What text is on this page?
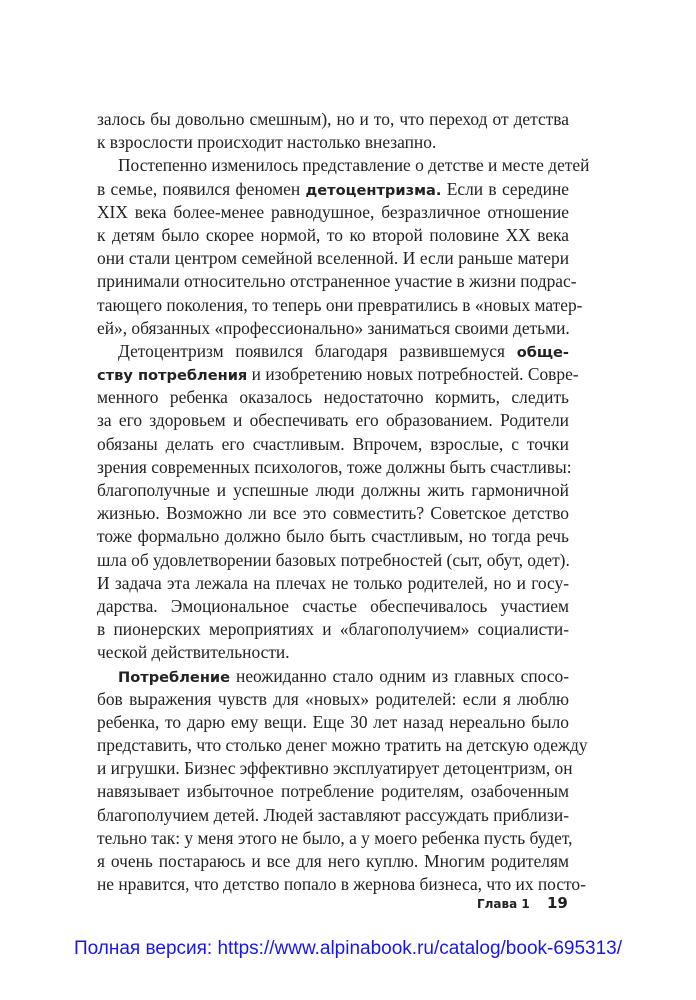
залось бы довольно смешным), но и то, что переход от детства
к взрослости происходит настолько внезапно.
Постепенно изменилось представление о детстве и месте детей
в семье, появился феномен детоцентризма. Если в середине
XIX века более-менее равнодушное, безразличное отношение
к детям было скорее нормой, то ко второй половине XX века
они стали центром семейной вселенной. И если раньше матери
принимали относительно отстраненное участие в жизни подрас-
тающего поколения, то теперь они превратились в «новых матер-
ей», обязанных «профессионально» заниматься своими детьми.
Детоцентризм появился благодаря развившемуся обще-
ству потребления и изобретению новых потребностей. Совре-
менного ребенка оказалось недостаточно кормить, следить
за его здоровьем и обеспечивать его образованием. Родители
обязаны делать его счастливым. Впрочем, взрослые, с точки
зрения современных психологов, тоже должны быть счастливы:
благополучные и успешные люди должны жить гармоничной
жизнью. Возможно ли все это совместить? Советское детство
тоже формально должно было быть счастливым, но тогда речь
шла об удовлетворении базовых потребностей (сыт, обут, одет).
И задача эта лежала на плечах не только родителей, но и госу-
дарства. Эмоциональное счастье обеспечивалось участием
в пионерских мероприятиях и «благополучием» социалисти-
ческой действительности.
Потребление неожиданно стало одним из главных спосо-
бов выражения чувств для «новых» родителей: если я люблю
ребенка, то дарю ему вещи. Еще 30 лет назад нереально было
представить, что столько денег можно тратить на детскую одежду
и игрушки. Бизнес эффективно эксплуатирует детоцентризм, он
навязывает избыточное потребление родителям, озабоченным
благополучием детей. Людей заставляют рассуждать приблизи-
тельно так: у меня этого не было, а у моего ребенка пусть будет,
я очень постараюсь и все для него куплю. Многим родителям
не нравится, что детство попало в жернова бизнеса, что их посто-
Глава 1 19
Полная версия: https://www.alpinabook.ru/catalog/book-695313/
